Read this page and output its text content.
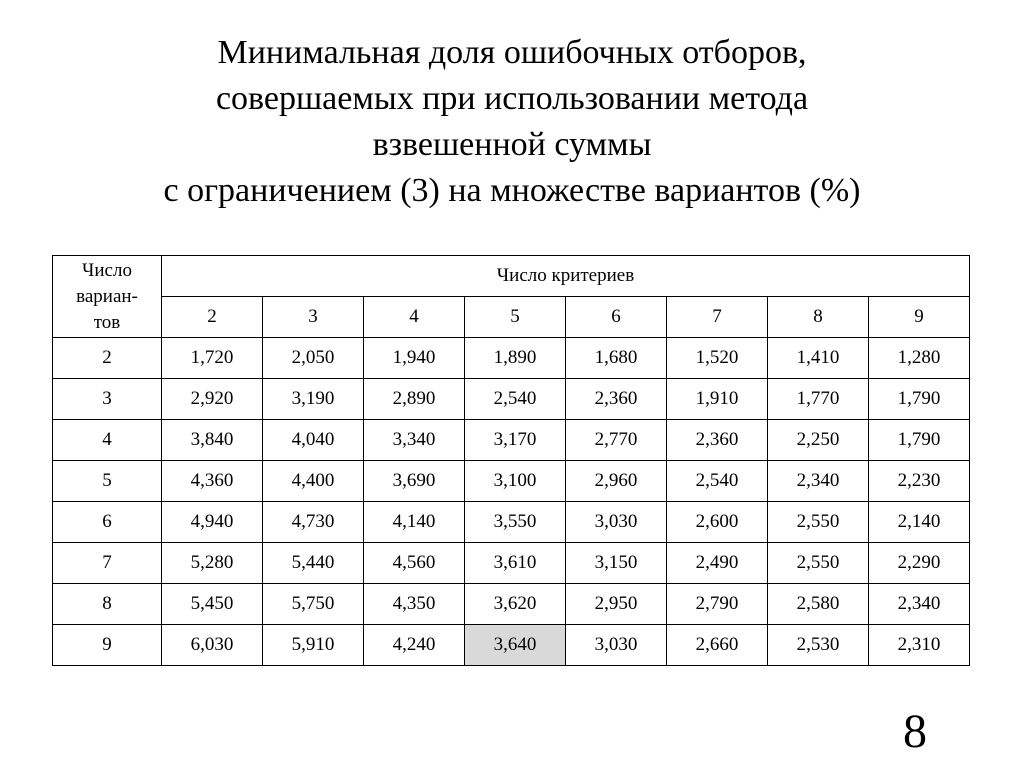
Минимальная доля ошибочных отборов,
совершаемых при использовании метода
взвешенной суммы
с ограничением (3) на множестве вариантов (%)
Число
вариан-
тов	Число критериев							
	2	3	4	5	6	7	8	9
2	1,720	2,050	1,940	1,890	1,680	1,520	1,410	1,280
3	2,920	3,190	2,890	2,540	2,360	1,910	1,770	1,790
4	3,840	4,040	3,340	3,170	2,770	2,360	2,250	1,790
5	4,360	4,400	3,690	3,100	2,960	2,540	2,340	2,230
6	4,940	4,730	4,140	3,550	3,030	2,600	2,550	2,140
7	5,280	5,440	4,560	3,610	3,150	2,490	2,550	2,290
8	5,450	5,750	4,350	3,620	2,950	2,790	2,580	2,340
9	6,030	5,910	4,240	3,640	3,030	2,660	2,530	2,310
8
